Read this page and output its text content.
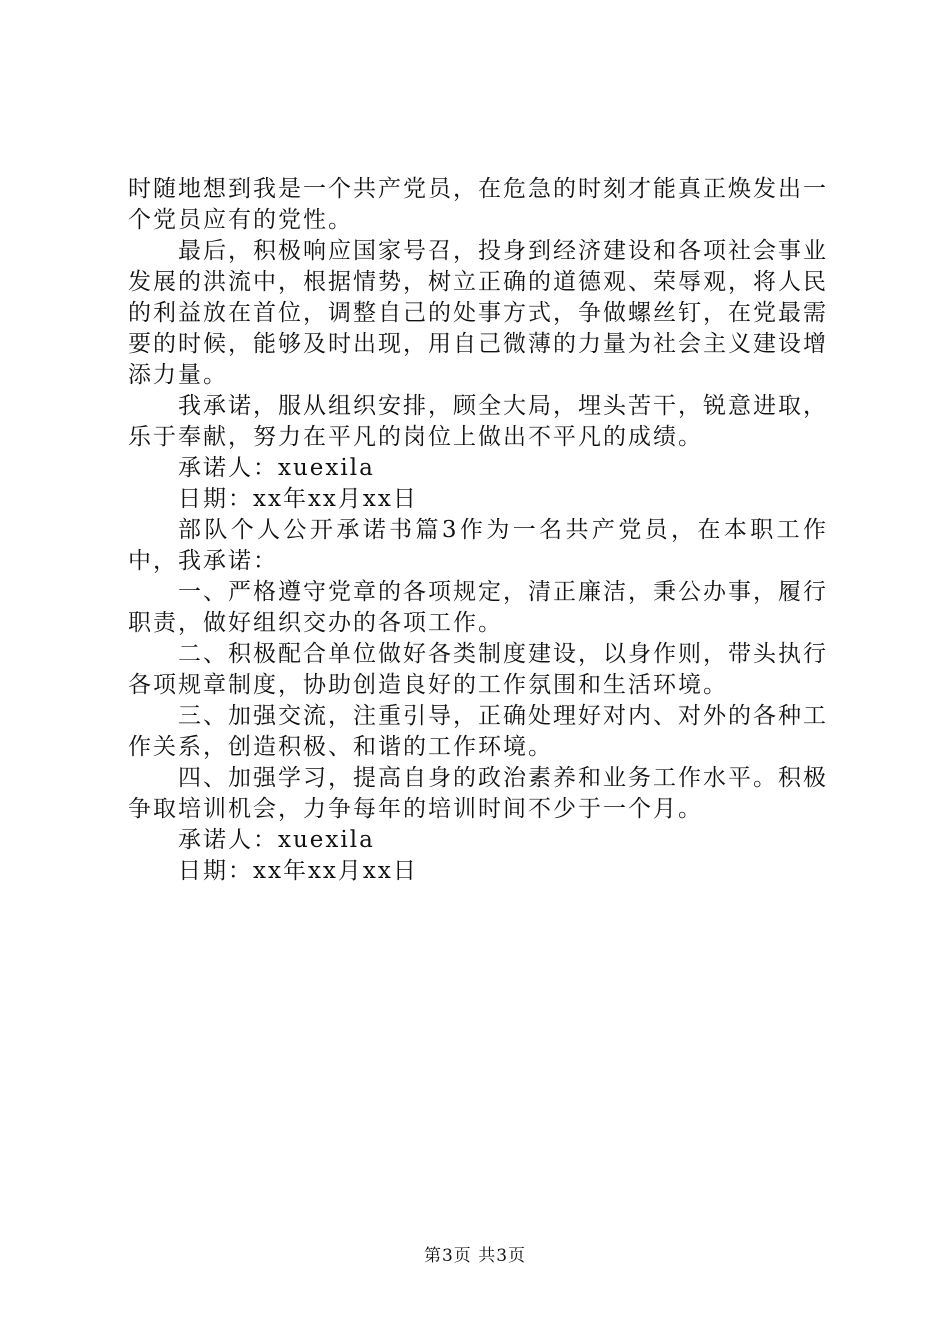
时随地想到我是一个共产党员，在危急的时刻才能真正焕发出一个党员应有的党性。

最后，积极响应国家号召，投身到经济建设和各项社会事业发展的洪流中，根据情势，树立正确的道德观、荣辱观，将人民的利益放在首位，调整自己的处事方式，争做螺丝钉，在党最需要的时候，能够及时出现，用自己微薄的力量为社会主义建设增添力量。

我承诺，服从组织安排，顾全大局，埋头苦干，锐意进取，乐于奉献，努力在平凡的岗位上做出不平凡的成绩。

承诺人：xuexila

日期：xx年xx月xx日

部队个人公开承诺书篇3作为一名共产党员，在本职工作中，我承诺：

一、严格遵守党章的各项规定，清正廉洁，秉公办事，履行职责，做好组织交办的各项工作。

二、积极配合单位做好各类制度建设，以身作则，带头执行各项规章制度，协助创造良好的工作氛围和生活环境。

三、加强交流，注重引导，正确处理好对内、对外的各种工作关系，创造积极、和谐的工作环境。

四、加强学习，提高自身的政治素养和业务工作水平。积极争取培训机会，力争每年的培训时间不少于一个月。

承诺人：xuexila

日期：xx年xx月xx日

第3页 共3页
